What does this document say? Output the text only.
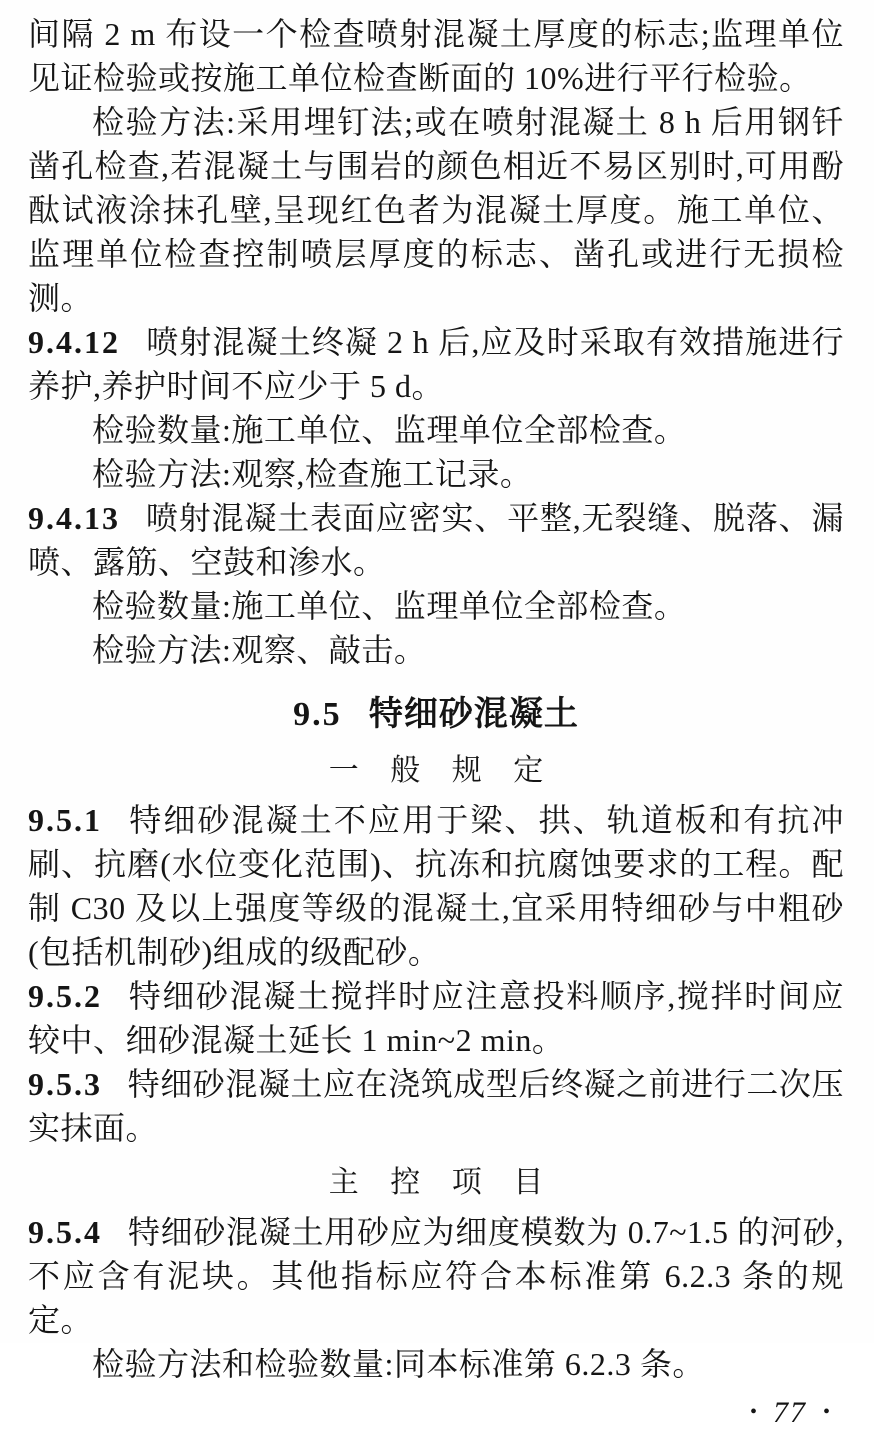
间隔 2 m 布设一个检查喷射混凝土厚度的标志;监理单位见证检验或按施工单位检查断面的 10%进行平行检验。

检验方法:采用埋钉法;或在喷射混凝土 8 h 后用钢钎凿孔检查,若混凝土与围岩的颜色相近不易区别时,可用酚酞试液涂抹孔壁,呈现红色者为混凝土厚度。施工单位、监理单位检查控制喷层厚度的标志、凿孔或进行无损检测。

9.4.12 喷射混凝土终凝 2 h 后,应及时采取有效措施进行养护,养护时间不应少于 5 d。

检验数量:施工单位、监理单位全部检查。

检验方法:观察,检查施工记录。

9.4.13 喷射混凝土表面应密实、平整,无裂缝、脱落、漏喷、露筋、空鼓和渗水。

检验数量:施工单位、监理单位全部检查。

检验方法:观察、敲击。

9.5 特细砂混凝土
一 般 规 定

9.5.1 特细砂混凝土不应用于梁、拱、轨道板和有抗冲刷、抗磨(水位变化范围)、抗冻和抗腐蚀要求的工程。配制 C30 及以上强度等级的混凝土,宜采用特细砂与中粗砂(包括机制砂)组成的级配砂。

9.5.2 特细砂混凝土搅拌时应注意投料顺序,搅拌时间应较中、细砂混凝土延长 1 min~2 min。

9.5.3 特细砂混凝土应在浇筑成型后终凝之前进行二次压实抹面。

主 控 项 目

9.5.4 特细砂混凝土用砂应为细度模数为 0.7~1.5 的河砂,不应含有泥块。其他指标应符合本标准第 6.2.3 条的规定。

检验方法和检验数量:同本标准第 6.2.3 条。

• 77 •
